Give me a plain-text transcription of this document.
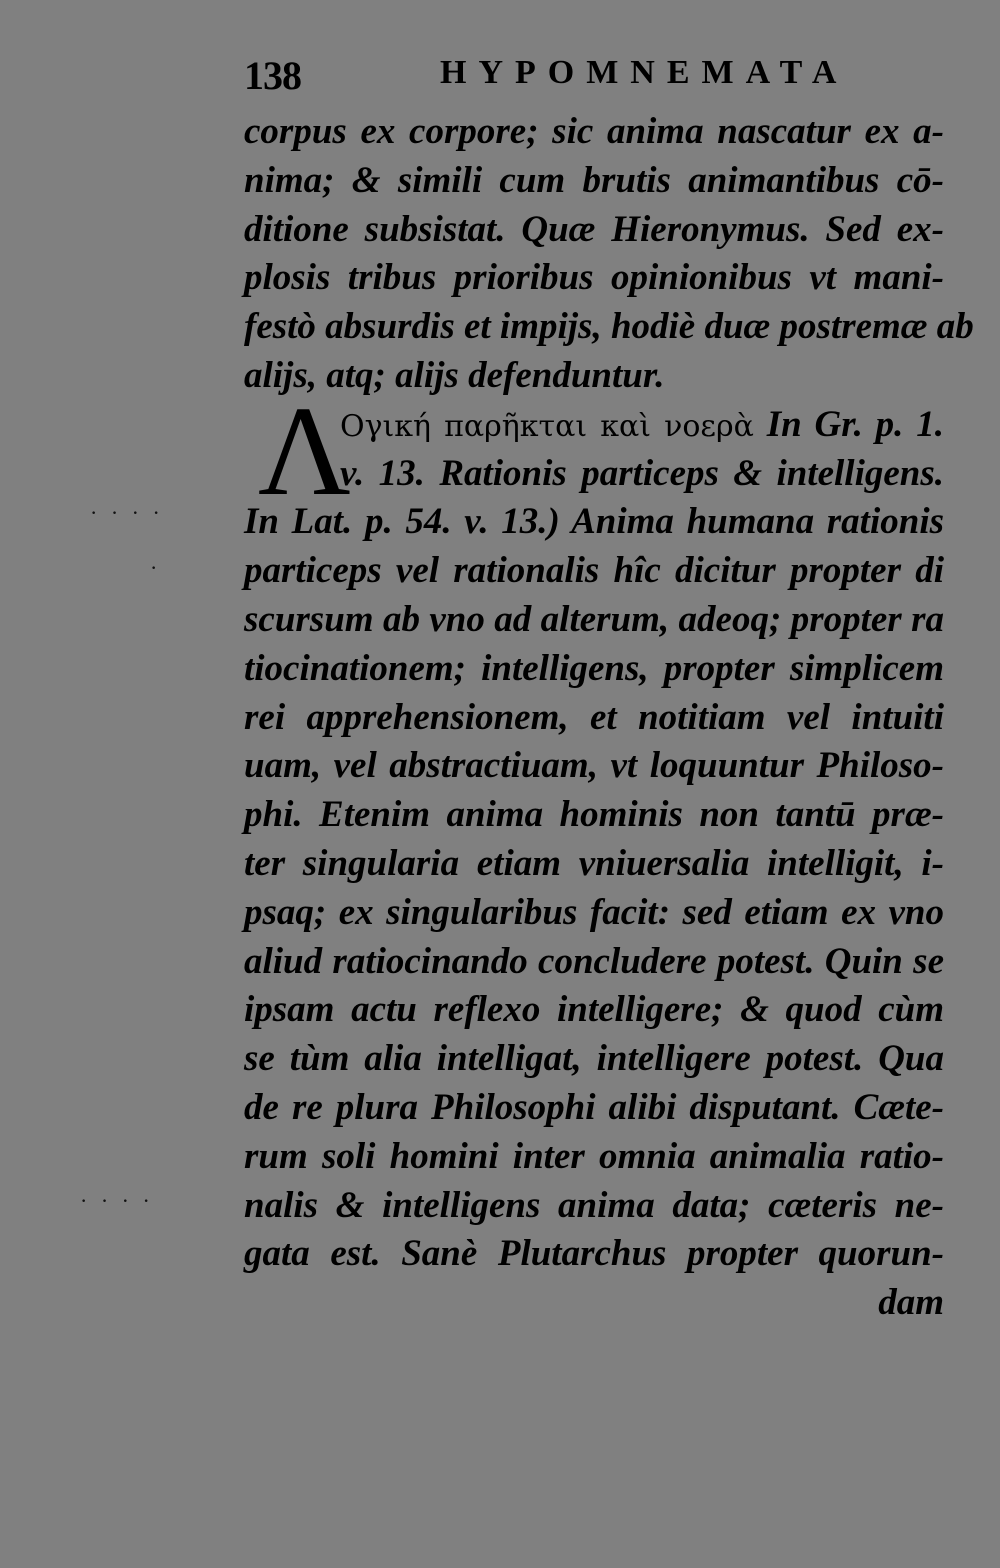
138	HYPOMNEMATA
corpus ex corpore; sic anima nascatur ex a-
nima; & simili cum brutis animantibus cō-
ditione subsistat. Quæ Hieronymus. Sed ex-
plosis tribus prioribus opinionibus vt mani-
festò absurdis et impijs, hodiè duæ postremæ ab
alijs, atq; alijs defenduntur.
Λ
Ογική παρῆκται καὶ νοερὰ In Gr. p. 1.
v. 13. Rationis particeps & intelligens.
In Lat. p. 54. v. 13.) Anima humana rationis
particeps vel rationalis hîc dicitur propter di
scursum ab vno ad alterum, adeoq; propter ra
tiocinationem; intelligens, propter simplicem
rei apprehensionem, et notitiam vel intuiti
uam, vel abstractiuam, vt loquuntur Philoso-
phi. Etenim anima hominis non tantū præ-
ter singularia etiam vniuersalia intelligit, i-
psaq; ex singularibus facit: sed etiam ex vno
aliud ratiocinando concludere potest. Quin se
ipsam actu reflexo intelligere; & quod cùm
se tùm alia intelligat, intelligere potest. Qua
de re plura Philosophi alibi disputant. Cæte-
rum soli homini inter omnia animalia ratio-
nalis & intelligens anima data; cæteris ne-
gata est. Sanè Plutarchus propter quorun-
dam
· · · ·
·
· · · ·
